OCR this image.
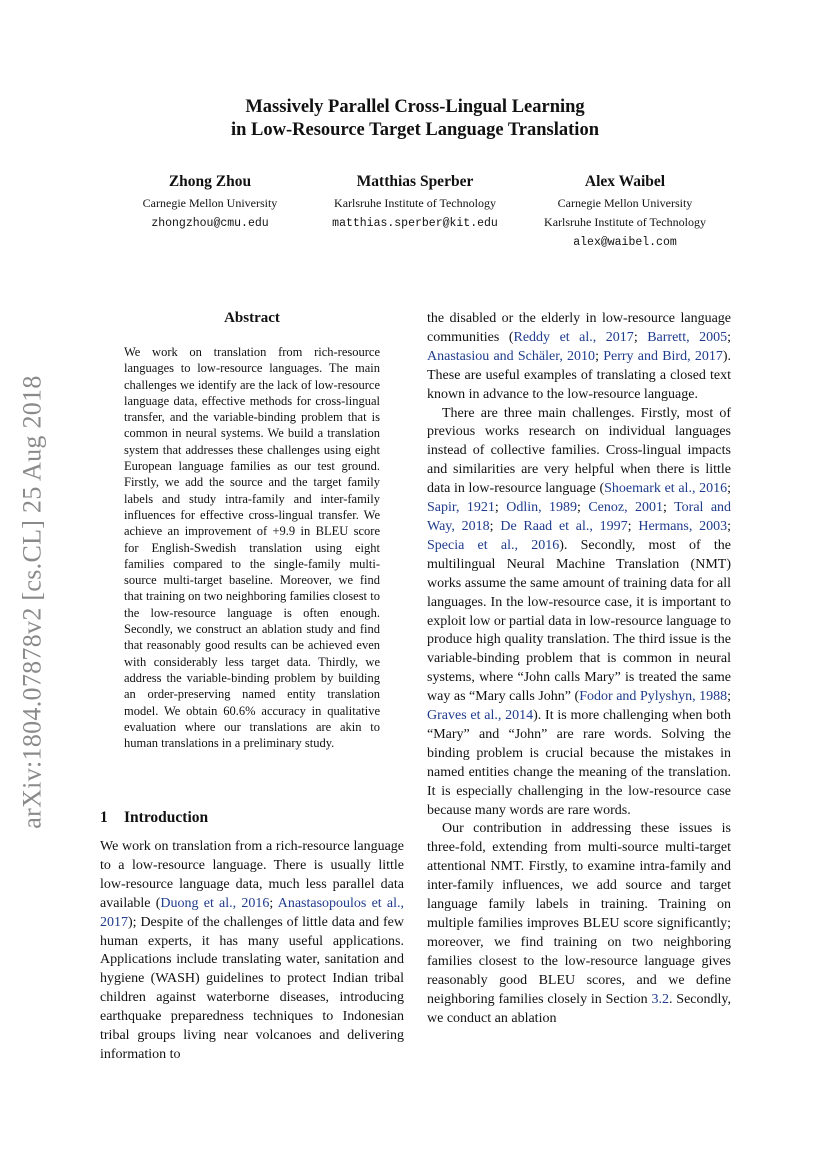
arXiv:1804.07878v2 [cs.CL] 25 Aug 2018
Massively Parallel Cross-Lingual Learning
in Low-Resource Target Language Translation
Zhong Zhou
Carnegie Mellon University
zhongzhou@cmu.edu
Matthias Sperber
Karlsruhe Institute of Technology
matthias.sperber@kit.edu
Alex Waibel
Carnegie Mellon University
Karlsruhe Institute of Technology
alex@waibel.com
Abstract
We work on translation from rich-resource languages to low-resource languages. The main challenges we identify are the lack of low-resource language data, effective methods for cross-lingual transfer, and the variable-binding problem that is common in neural systems. We build a translation system that addresses these challenges using eight European language families as our test ground. Firstly, we add the source and the target family labels and study intra-family and inter-family influences for effective cross-lingual transfer. We achieve an improvement of +9.9 in BLEU score for English-Swedish translation using eight families compared to the single-family multi-source multi-target baseline. Moreover, we find that training on two neighboring families closest to the low-resource language is often enough. Secondly, we construct an ablation study and find that reasonably good results can be achieved even with considerably less target data. Thirdly, we address the variable-binding problem by building an order-preserving named entity translation model. We obtain 60.6% accuracy in qualitative evaluation where our translations are akin to human translations in a preliminary study.
1 Introduction

We work on translation from a rich-resource language to a low-resource language. There is usually little low-resource language data, much less parallel data available (Duong et al., 2016; Anastasopoulos et al., 2017); Despite of the challenges of little data and few human experts, it has many useful applications. Applications include translating water, sanitation and hygiene (WASH) guidelines to protect Indian tribal children against waterborne diseases, introducing earthquake preparedness techniques to Indonesian tribal groups living near volcanoes and delivering information to

the disabled or the elderly in low-resource language communities (Reddy et al., 2017; Barrett, 2005; Anastasiou and Schäler, 2010; Perry and Bird, 2017). These are useful examples of translating a closed text known in advance to the low-resource language.

There are three main challenges. Firstly, most of previous works research on individual languages instead of collective families. Cross-lingual impacts and similarities are very helpful when there is little data in low-resource language (Shoemark et al., 2016; Sapir, 1921; Odlin, 1989; Cenoz, 2001; Toral and Way, 2018; De Raad et al., 1997; Hermans, 2003; Specia et al., 2016). Secondly, most of the multilingual Neural Machine Translation (NMT) works assume the same amount of training data for all languages. In the low-resource case, it is important to exploit low or partial data in low-resource language to produce high quality translation. The third issue is the variable-binding problem that is common in neural systems, where “John calls Mary” is treated the same way as “Mary calls John” (Fodor and Pylyshyn, 1988; Graves et al., 2014). It is more challenging when both “Mary” and “John” are rare words. Solving the binding problem is crucial because the mistakes in named entities change the meaning of the translation. It is especially challenging in the low-resource case because many words are rare words.

Our contribution in addressing these issues is three-fold, extending from multi-source multi-target attentional NMT. Firstly, to examine intra-family and inter-family influences, we add source and target language family labels in training. Training on multiple families improves BLEU score significantly; moreover, we find training on two neighboring families closest to the low-resource language gives reasonably good BLEU scores, and we define neighboring families closely in Section 3.2. Secondly, we conduct an ablation
